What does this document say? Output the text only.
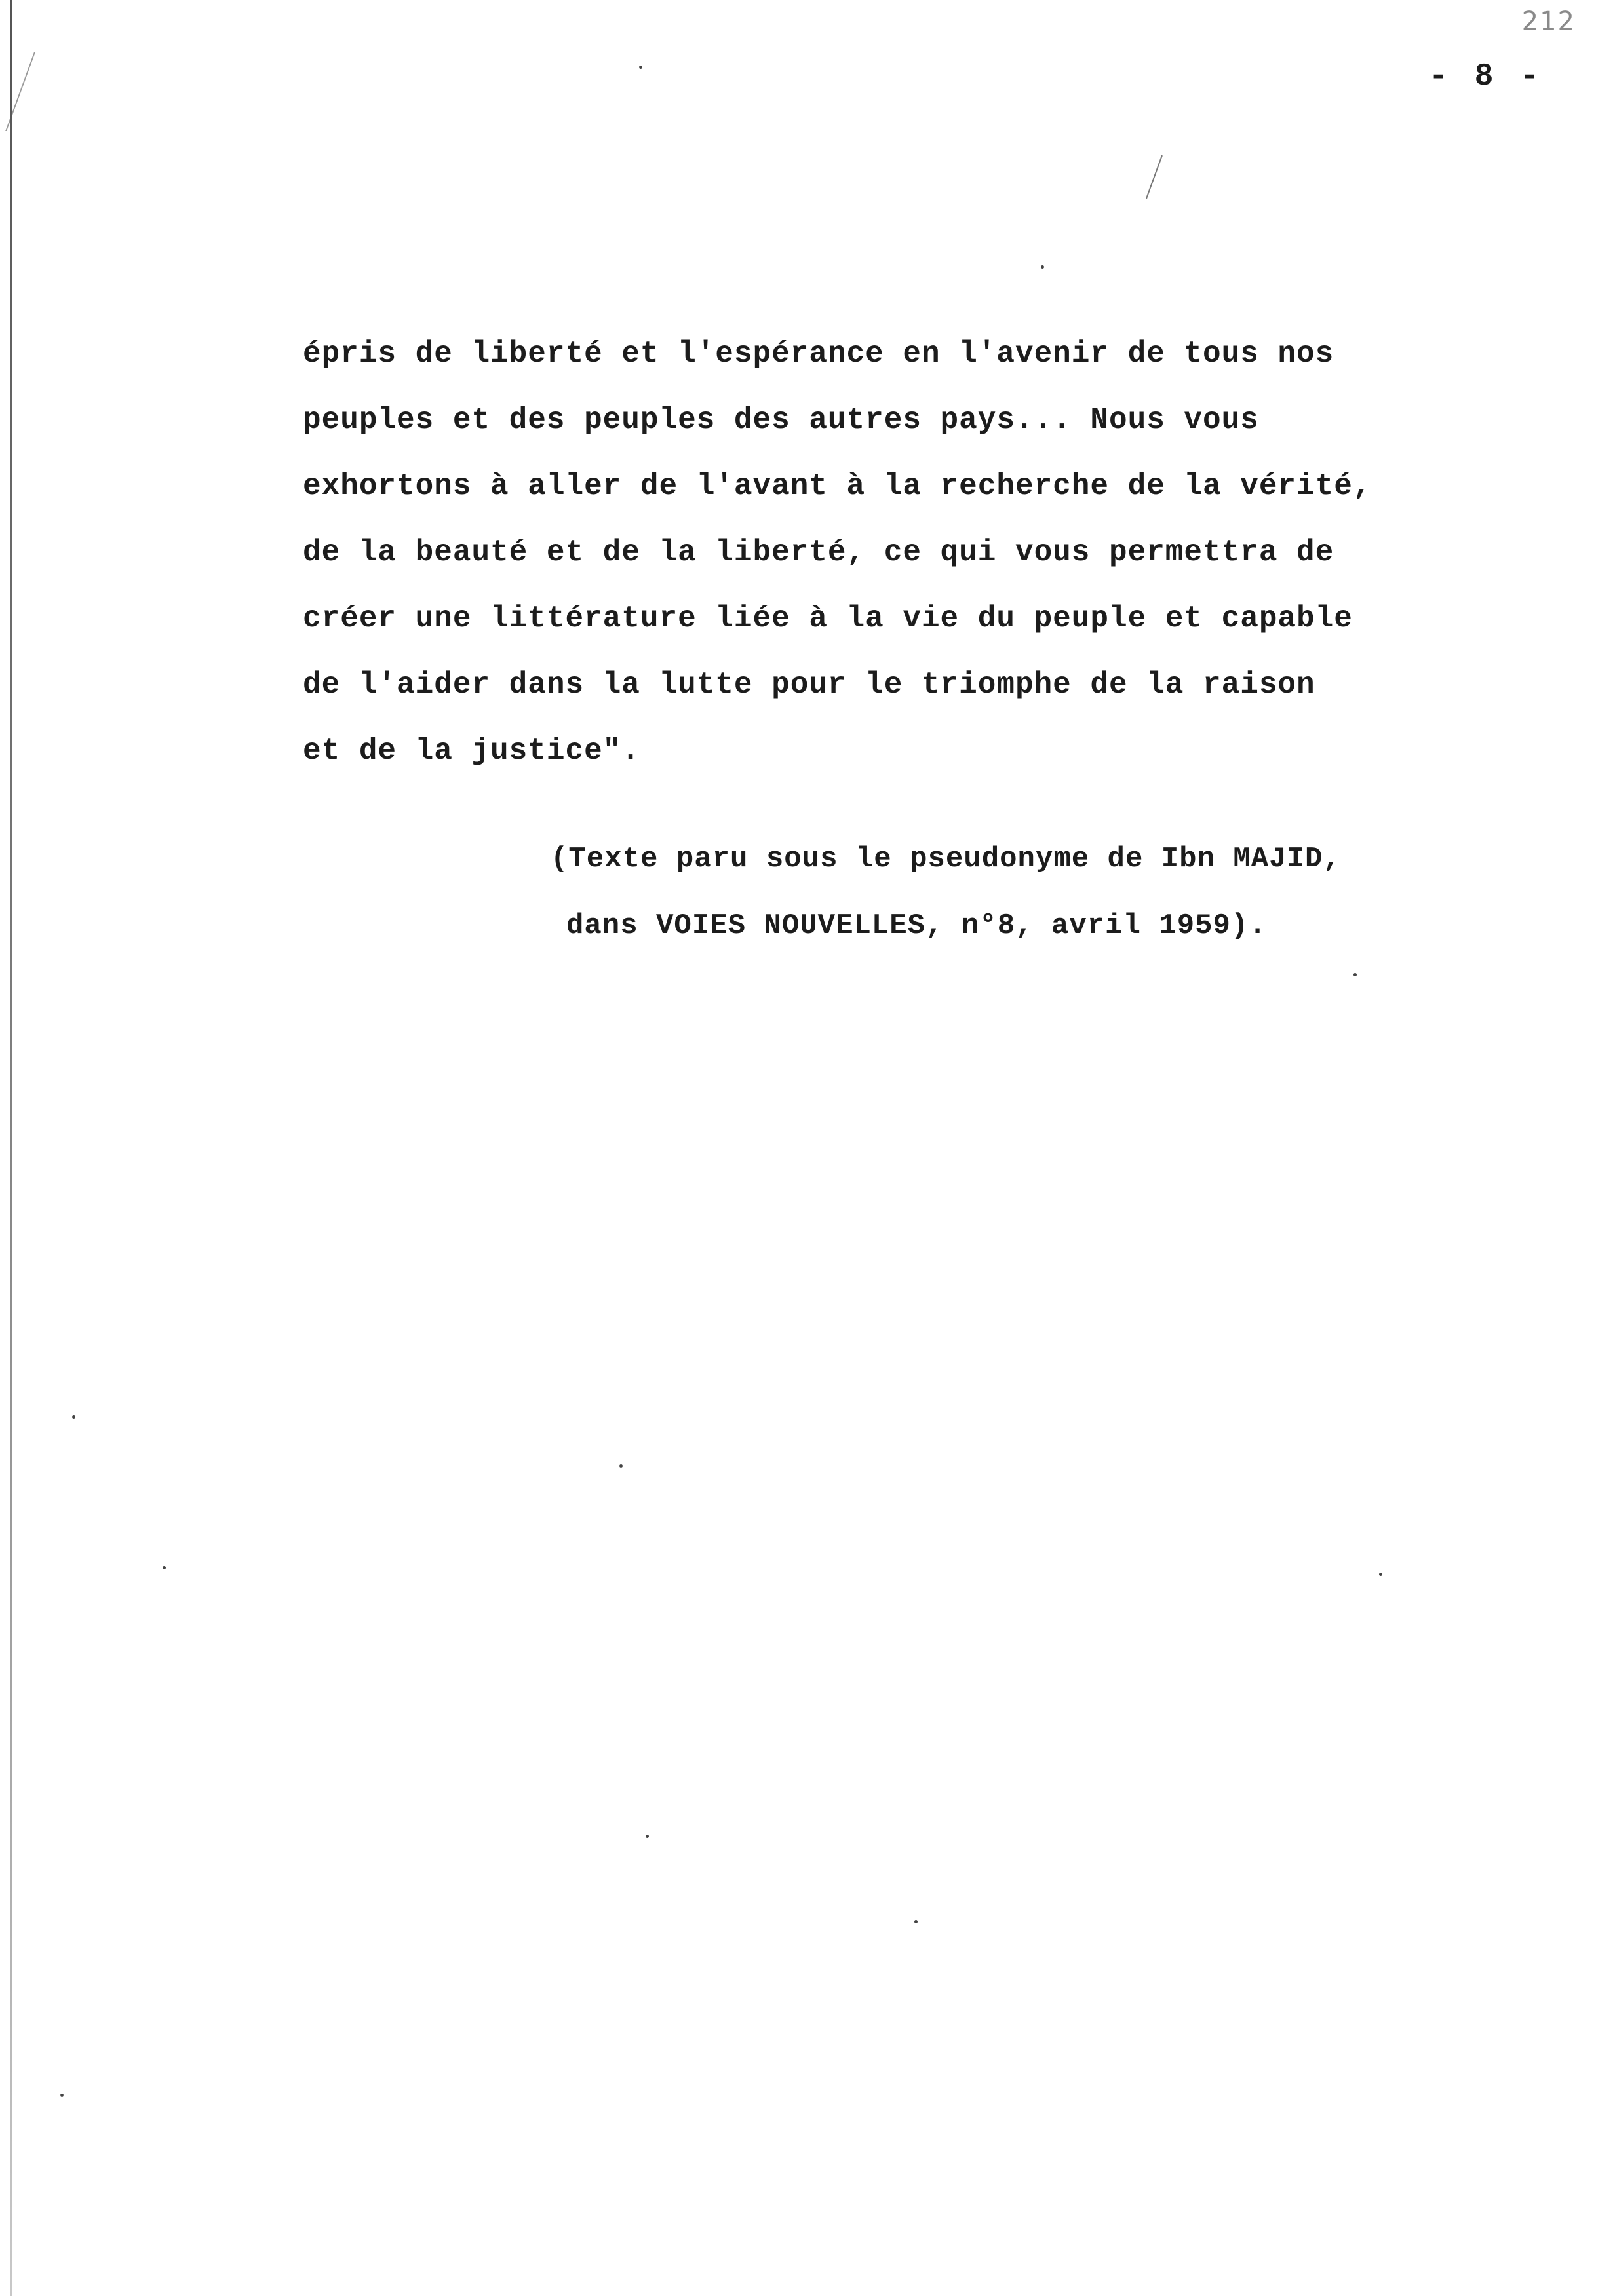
212
- 8 -
épris de liberté et l'espérance en l'avenir de tous nos
peuples et des peuples des autres pays... Nous vous
exhortons à aller de l'avant à la recherche de la vérité,
de la beauté et de la liberté, ce qui vous permettra de
créer une littérature liée à la vie du peuple et capable
de l'aider dans la lutte pour le triomphe de la raison
et de la justice".
(Texte paru sous le pseudonyme de Ibn MAJID,
dans VOIES NOUVELLES, n°8, avril 1959).
